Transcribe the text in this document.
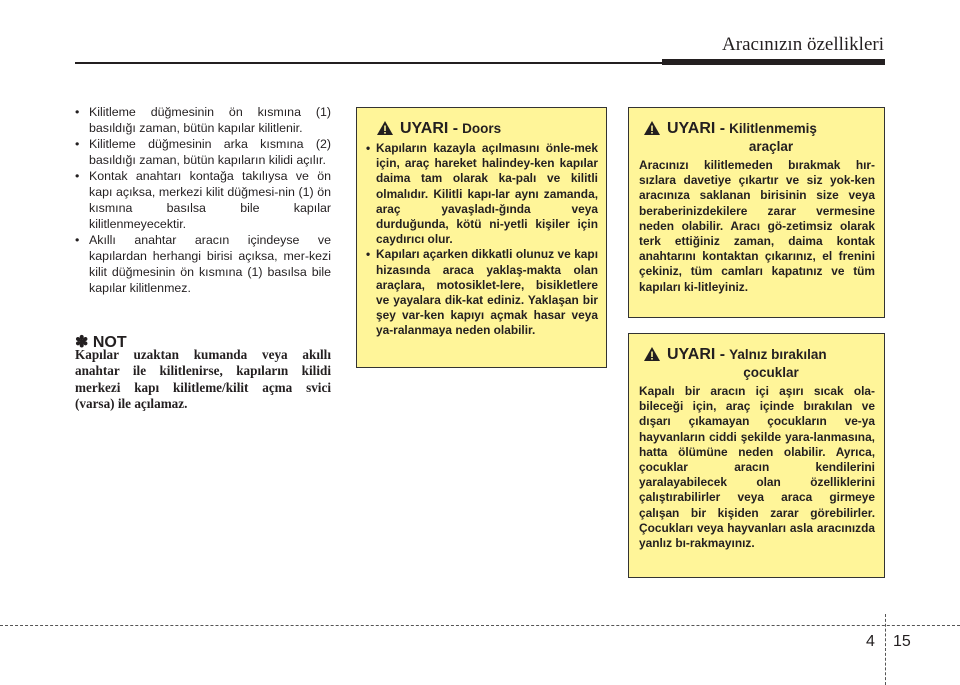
Aracınızın özellikleri
• Kilitleme düğmesinin ön kısmına (1) basıldığı zaman, bütün kapılar kilitlenir.
• Kilitleme düğmesinin arka kısmına (2) basıldığı zaman, bütün kapıların kilidi açılır.
• Kontak anahtarı kontağa takılıysa ve ön kapı açıksa, merkezi kilit düğmesi-nin (1) ön kısmına basılsa bile kapılar kilitlenmeyecektir.
• Akıllı anahtar aracın içindeyse ve kapılardan herhangi birisi açıksa, mer-kezi kilit düğmesinin ön kısmına (1) basılsa bile kapılar kilitlenmez.
✽ NOT
Kapılar uzaktan kumanda veya akıllı anahtar ile kilitlenirse, kapıların kilidi merkezi kapı kilitleme/kilit açma svici (varsa) ile açılamaz.
UYARI - Doors
• Kapıların kazayla açılmasını önle-mek için, araç hareket halindey-ken kapılar daima tam olarak ka-palı ve kilitli olmalıdır. Kilitli kapı-lar aynı zamanda, araç yavaşladı-ğında veya durduğunda, kötü ni-yetli kişiler için caydırıcı olur.
• Kapıları açarken dikkatli olunuz ve kapı hizasında araca yaklaş-makta olan araçlara, motosiklet-lere, bisikletlere ve yayalara dik-kat ediniz. Yaklaşan bir şey var-ken kapıyı açmak hasar veya ya-ralanmaya neden olabilir.
UYARI - Kilitlenmemiş
araçlar

Aracınızı kilitlemeden bırakmak hır-sızlara davetiye çıkartır ve siz yok-ken aracınıza saklanan birisinin size veya beraberinizdekilere zarar vermesine neden olabilir. Aracı gö-zetimsiz olarak terk ettiğiniz zaman, daima kontak anahtarını kontaktan çıkarınız, el frenini çekiniz, tüm camları kapatınız ve tüm kapıları ki-litleyiniz.

UYARI - Yalnız bırakılan
çocuklar

Kapalı bir aracın içi aşırı sıcak ola-bileceği için, araç içinde bırakılan ve dışarı çıkamayan çocukların ve-ya hayvanların ciddi şekilde yara-lanmasına, hatta ölümüne neden olabilir. Ayrıca, çocuklar aracın kendilerini yaralayabilecek olan özelliklerini çalıştırabilirler veya araca girmeye çalışan bir kişiden zarar görebilirler. Çocukları veya hayvanları asla aracınızda yanlız bı-rakmayınız.

4 15
